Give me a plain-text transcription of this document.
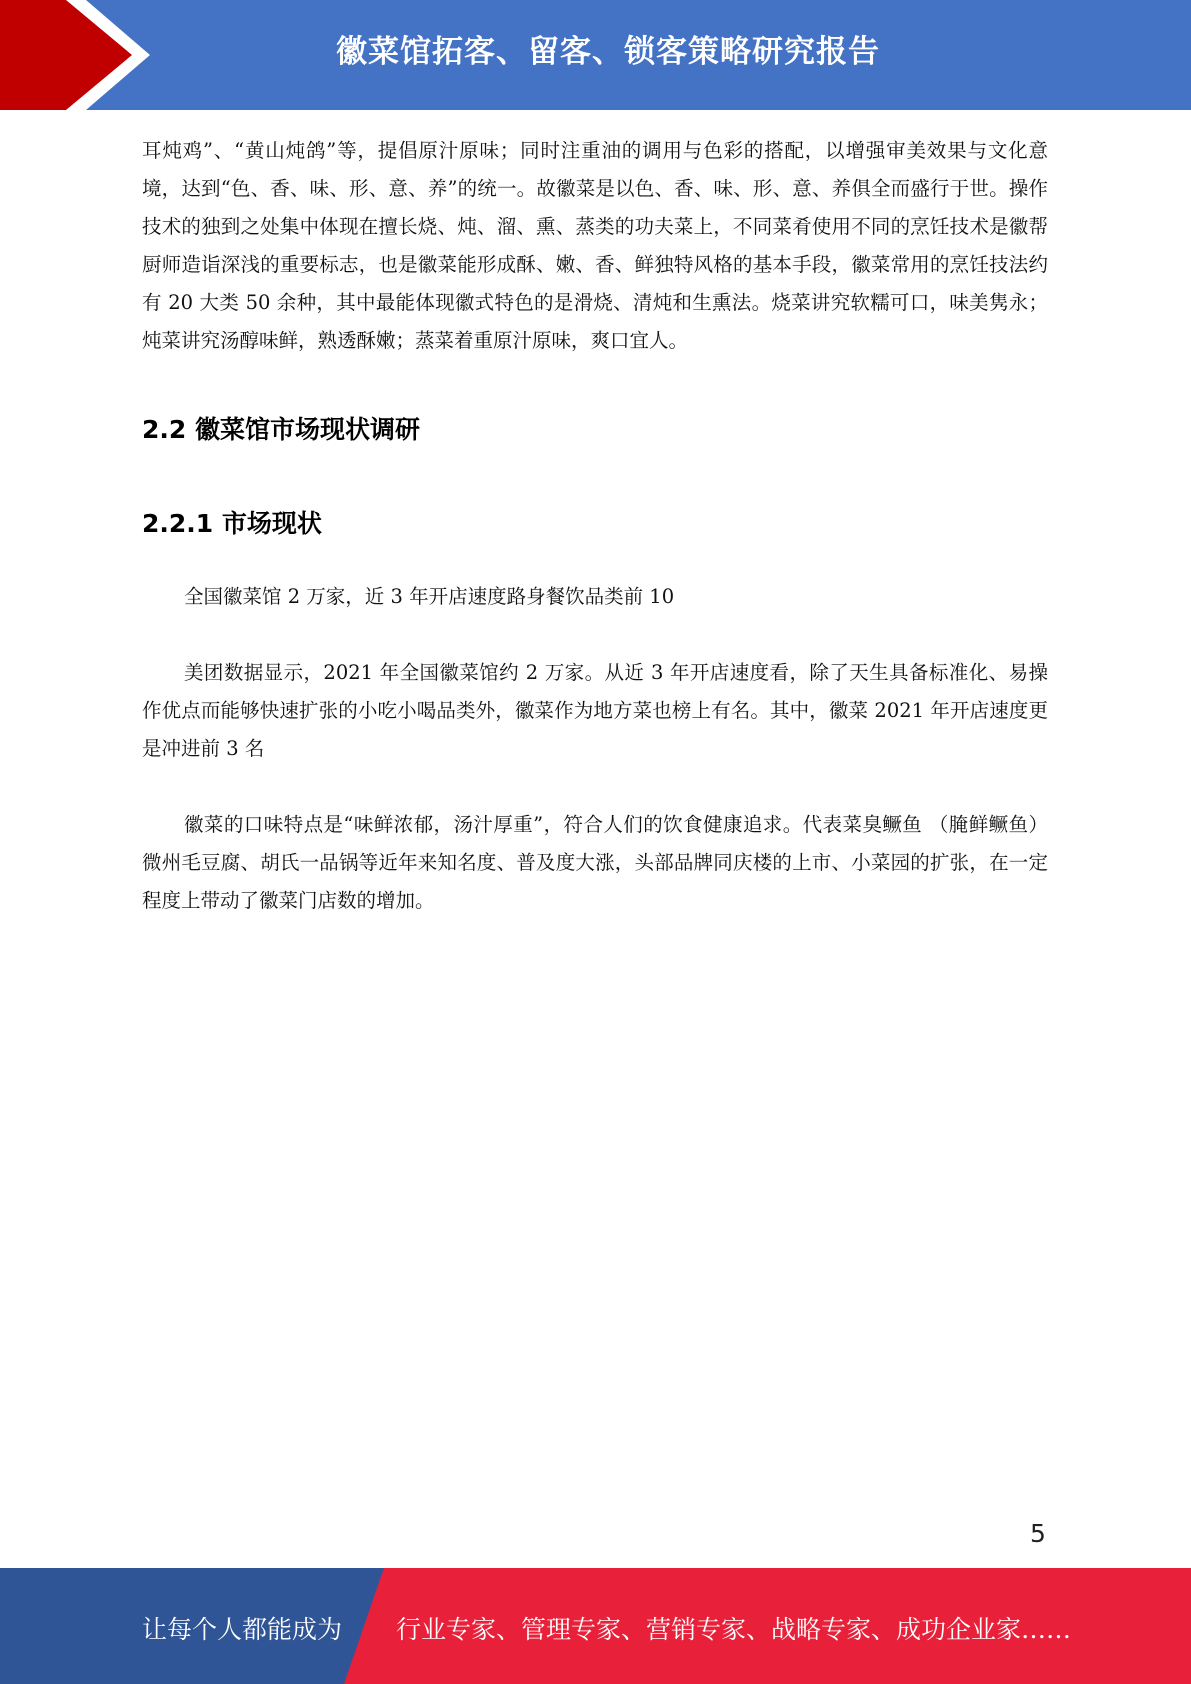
徽菜馆拓客、留客、锁客策略研究报告

耳炖鸡”、“黄山炖鸽”等，提倡原汁原味；同时注重油的调用与色彩的搭配，以增强审美效果与文化意境，达到“色、香、味、形、意、养”的统一。故徽菜是以色、香、味、形、意、养俱全而盛行于世。操作技术的独到之处集中体现在擅长烧、炖、溜、熏、蒸类的功夫菜上，不同菜肴使用不同的烹饪技术是徽帮厨师造诣深浅的重要标志，也是徽菜能形成酥、嫩、香、鲜独特风格的基本手段，徽菜常用的烹饪技法约有 20 大类 50 余种，其中最能体现徽式特色的是滑烧、清炖和生熏法。烧菜讲究软糯可口，味美隽永；炖菜讲究汤醇味鲜，熟透酥嫩；蒸菜着重原汁原味，爽口宜人。

2.2 徽菜馆市场现状调研
2.2.1 市场现状

全国徽菜馆 2 万家，近 3 年开店速度路身餐饮品类前 10

美团数据显示，2021 年全国徽菜馆约 2 万家。从近 3 年开店速度看，除了天生具备标准化、易操作优点而能够快速扩张的小吃小喝品类外，徽菜作为地方菜也榜上有名。其中，徽菜 2021 年开店速度更是冲进前 3 名

徽菜的口味特点是“味鲜浓郁，汤汁厚重”，符合人们的饮食健康追求。代表菜臭鳜鱼 （腌鲜鳜鱼）微州毛豆腐、胡氏一品锅等近年来知名度、普及度大涨，头部品牌同庆楼的上市、小菜园的扩张，在一定程度上带动了徽菜门店数的增加。

5
让每个人都能成为 行业专家、管理专家、营销专家、战略专家、成功企业家……
